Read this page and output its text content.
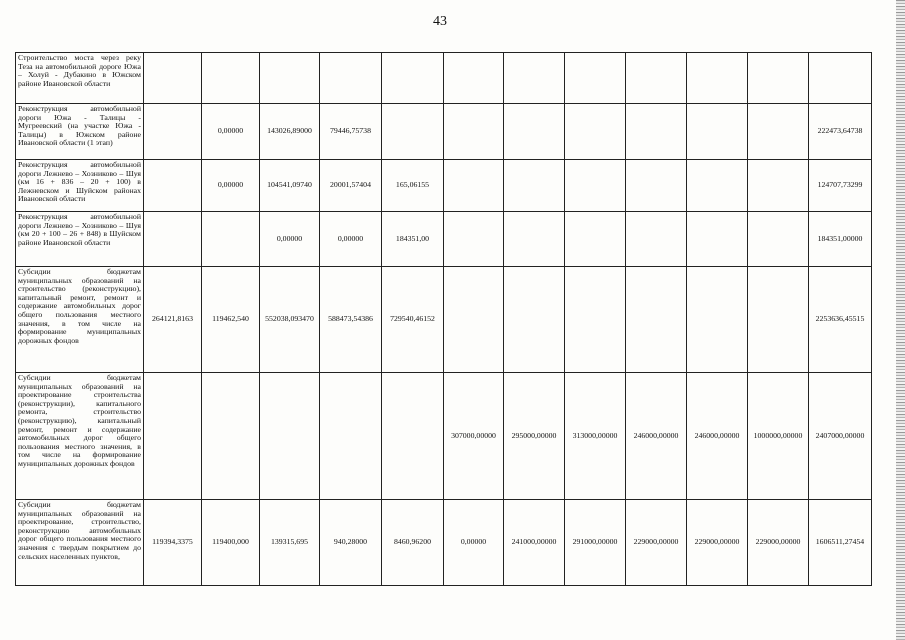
43
Строительство моста через реку Теза на автомобильной дороге Южа – Холуй - Дубакино в Южском районе Ивановской области												
Реконструкция автомобильной дороги Южа - Талицы - Мугреевский (на участке Южа - Талицы) в Южском районе Ивановской области (1 этап)		0,00000	143026,89000	79446,75738								222473,64738
Реконструкция автомобильной дороги Лежнево – Хозниково – Шуя (км 16 + 836 – 20 + 100) в Лежневском и Шуйском районах Ивановской области		0,00000	104541,09740	20001,57404	165,06155							124707,73299
Реконструкция автомобильной дороги Лежнево – Хозниково – Шуя (км 20 + 100 – 26 + 848) в Шуйском районе Ивановской области			0,00000	0,00000	184351,00							184351,00000
Субсидии бюджетам муниципальных образований на строительство (реконструкцию), капитальный ремонт, ремонт и содержание автомобильных дорог общего пользования местного значения, в том числе на формирование муниципальных дорожных фондов	264121,8163	119462,540	552038,093470	588473,54386	729540,46152							2253636,45515
Субсидии бюджетам муниципальных образований на проектирование строительства (реконструкции), капитального ремонта, строительство (реконструкцию), капитальный ремонт, ремонт и содержание автомобильных дорог общего пользования местного значения, в том числе на формирование муниципальных дорожных фондов						307000,00000	295000,00000	313000,00000	246000,00000	246000,00000	1000000,00000	2407000,00000
Субсидии бюджетам муниципальных образований на проектирование, строительство, реконструкцию автомобильных дорог общего пользования местного значения с твердым покрытием до сельских населенных пунктов,	119394,3375	119400,000	139315,695	940,28000	8460,96200	0,00000	241000,00000	291000,00000	229000,00000	229000,00000	229000,00000	1606511,27454
